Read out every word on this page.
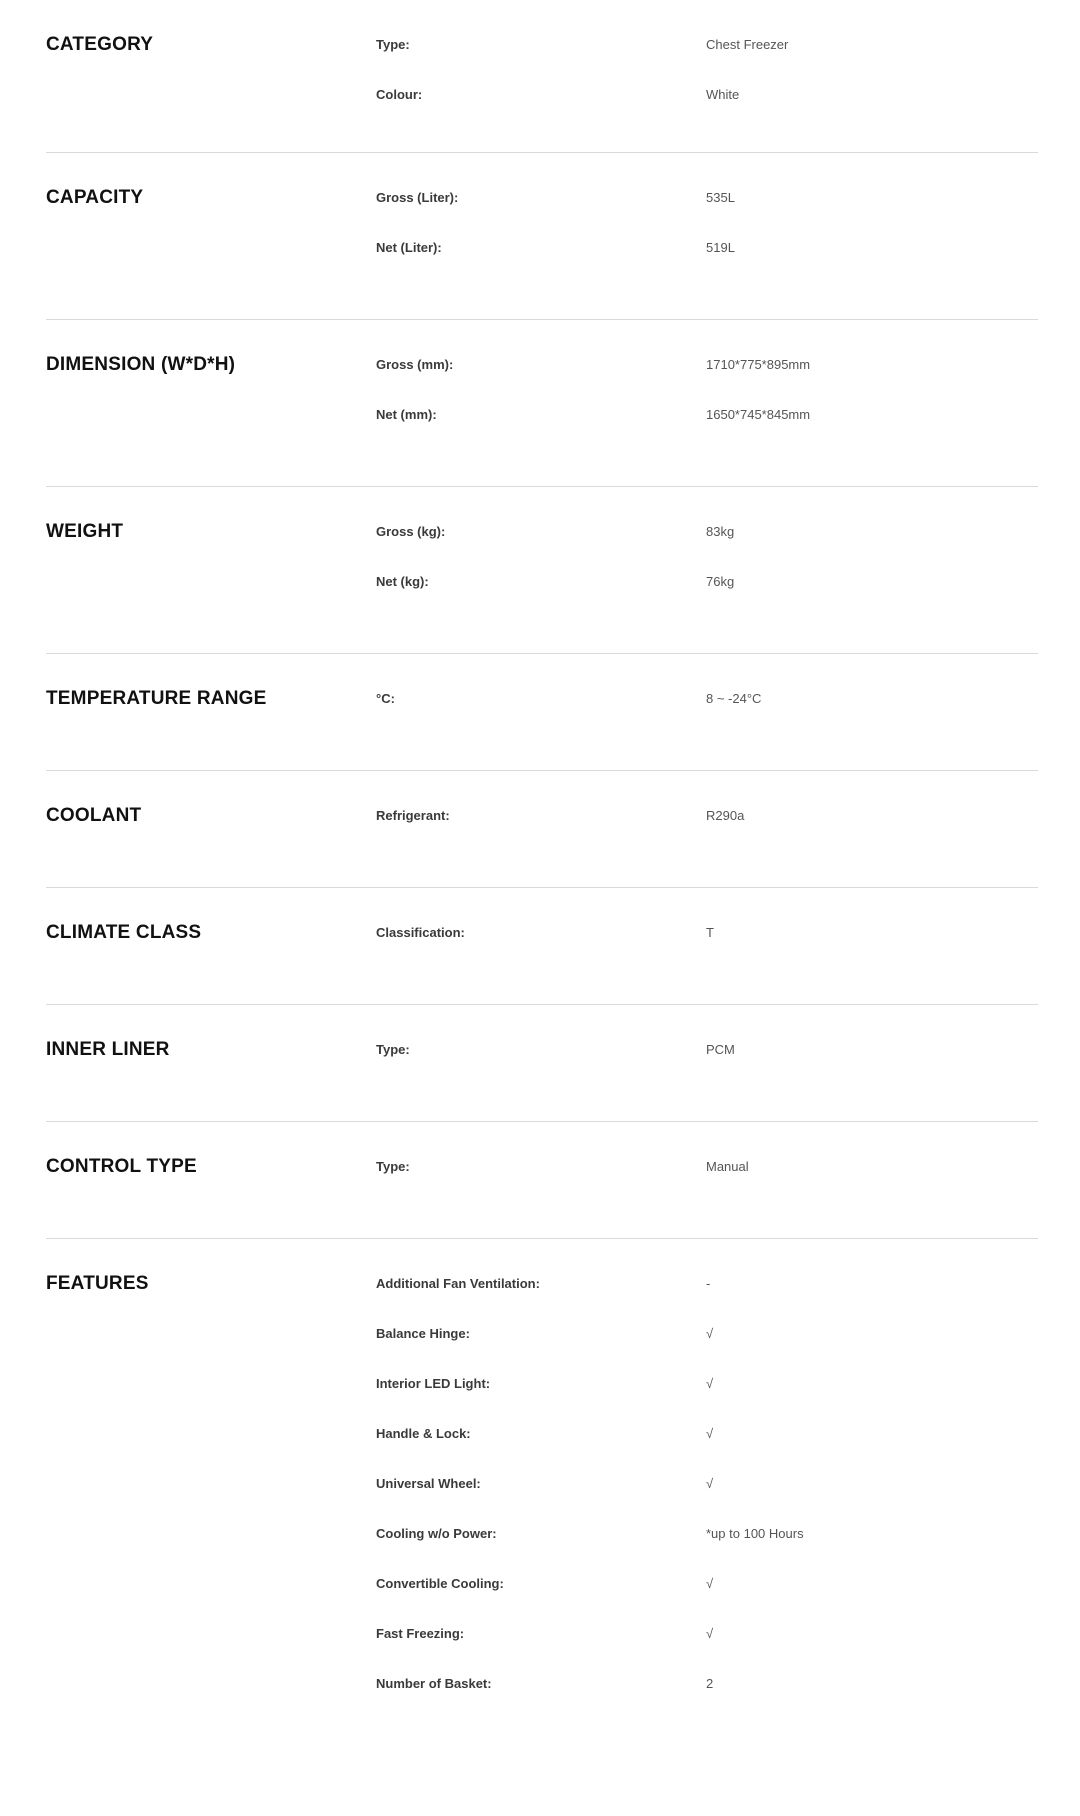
CATEGORY	Type:	Chest Freezer
Colour:	White
CAPACITY	Gross (Liter):	535L
Net (Liter):	519L
DIMENSION (W*D*H)	Gross (mm):	1710*775*895mm
Net (mm):	1650*745*845mm
WEIGHT	Gross (kg):	83kg
Net (kg):	76kg
TEMPERATURE RANGE	°C:	8 ~ -24°C
COOLANT	Refrigerant:	R290a
CLIMATE CLASS	Classification:	T
INNER LINER	Type:	PCM
CONTROL TYPE	Type:	Manual
FEATURES	Additional Fan Ventilation:	-
Balance Hinge:	√
Interior LED Light:	√
Handle & Lock:	√
Universal Wheel:	√
Cooling w/o Power:	*up to 100 Hours
Convertible Cooling:	√
Fast Freezing:	√
Number of Basket:	2
